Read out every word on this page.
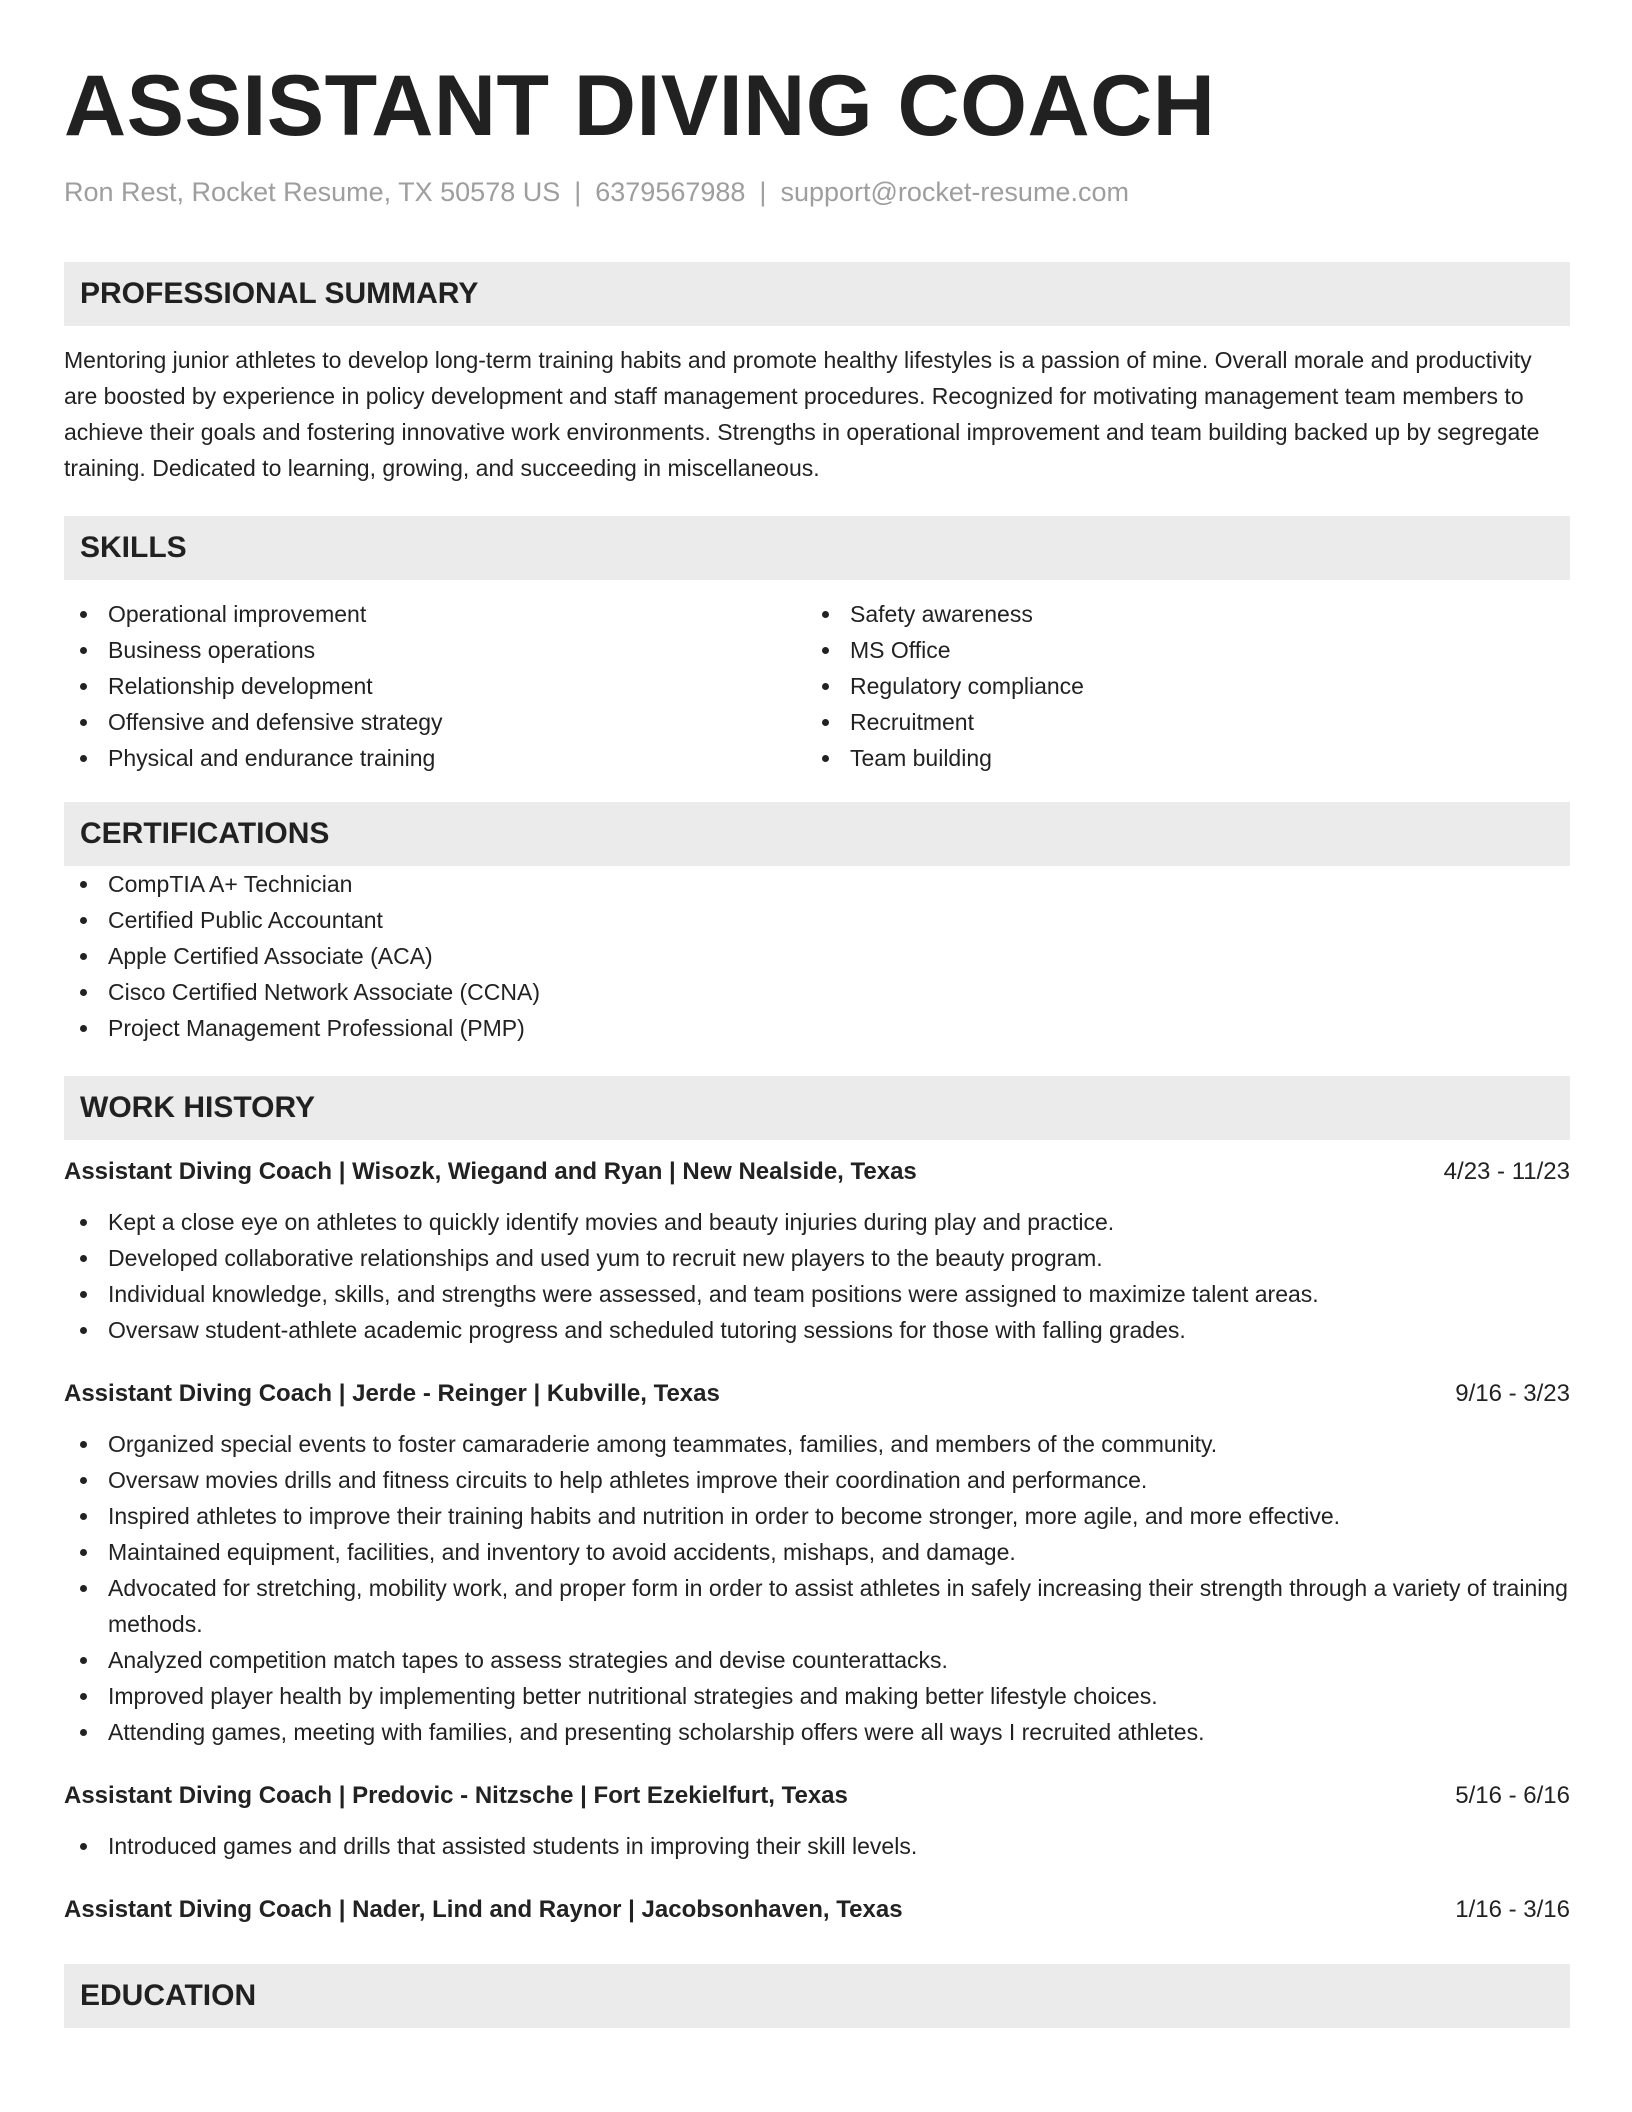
ASSISTANT DIVING COACH
Ron Rest, Rocket Resume, TX 50578 US | 6379567988 | support@rocket-resume.com
PROFESSIONAL SUMMARY

Mentoring junior athletes to develop long-term training habits and promote healthy lifestyles is a passion of mine. Overall morale and productivity are boosted by experience in policy development and staff management procedures. Recognized for motivating management team members to achieve their goals and fostering innovative work environments. Strengths in operational improvement and team building backed up by segregate training. Dedicated to learning, growing, and succeeding in miscellaneous.

SKILLS
Operational improvement
Business operations
Relationship development
Offensive and defensive strategy
Physical and endurance training
Safety awareness
MS Office
Regulatory compliance
Recruitment
Team building
CERTIFICATIONS
CompTIA A+ Technician
Certified Public Accountant
Apple Certified Associate (ACA)
Cisco Certified Network Associate (CCNA)
Project Management Professional (PMP)
WORK HISTORY
Assistant Diving Coach | Wisozk, Wiegand and Ryan | New Nealside, Texas	4/23 - 11/23
Kept a close eye on athletes to quickly identify movies and beauty injuries during play and practice.
Developed collaborative relationships and used yum to recruit new players to the beauty program.
Individual knowledge, skills, and strengths were assessed, and team positions were assigned to maximize talent areas.
Oversaw student-athlete academic progress and scheduled tutoring sessions for those with falling grades.
Assistant Diving Coach | Jerde - Reinger | Kubville, Texas	9/16 - 3/23
Organized special events to foster camaraderie among teammates, families, and members of the community.
Oversaw movies drills and fitness circuits to help athletes improve their coordination and performance.
Inspired athletes to improve their training habits and nutrition in order to become stronger, more agile, and more effective.
Maintained equipment, facilities, and inventory to avoid accidents, mishaps, and damage.
Advocated for stretching, mobility work, and proper form in order to assist athletes in safely increasing their strength through a variety of training methods.
Analyzed competition match tapes to assess strategies and devise counterattacks.
Improved player health by implementing better nutritional strategies and making better lifestyle choices.
Attending games, meeting with families, and presenting scholarship offers were all ways I recruited athletes.
Assistant Diving Coach | Predovic - Nitzsche | Fort Ezekielfurt, Texas	5/16 - 6/16
Introduced games and drills that assisted students in improving their skill levels.
Assistant Diving Coach | Nader, Lind and Raynor | Jacobsonhaven, Texas	1/16 - 3/16
EDUCATION
